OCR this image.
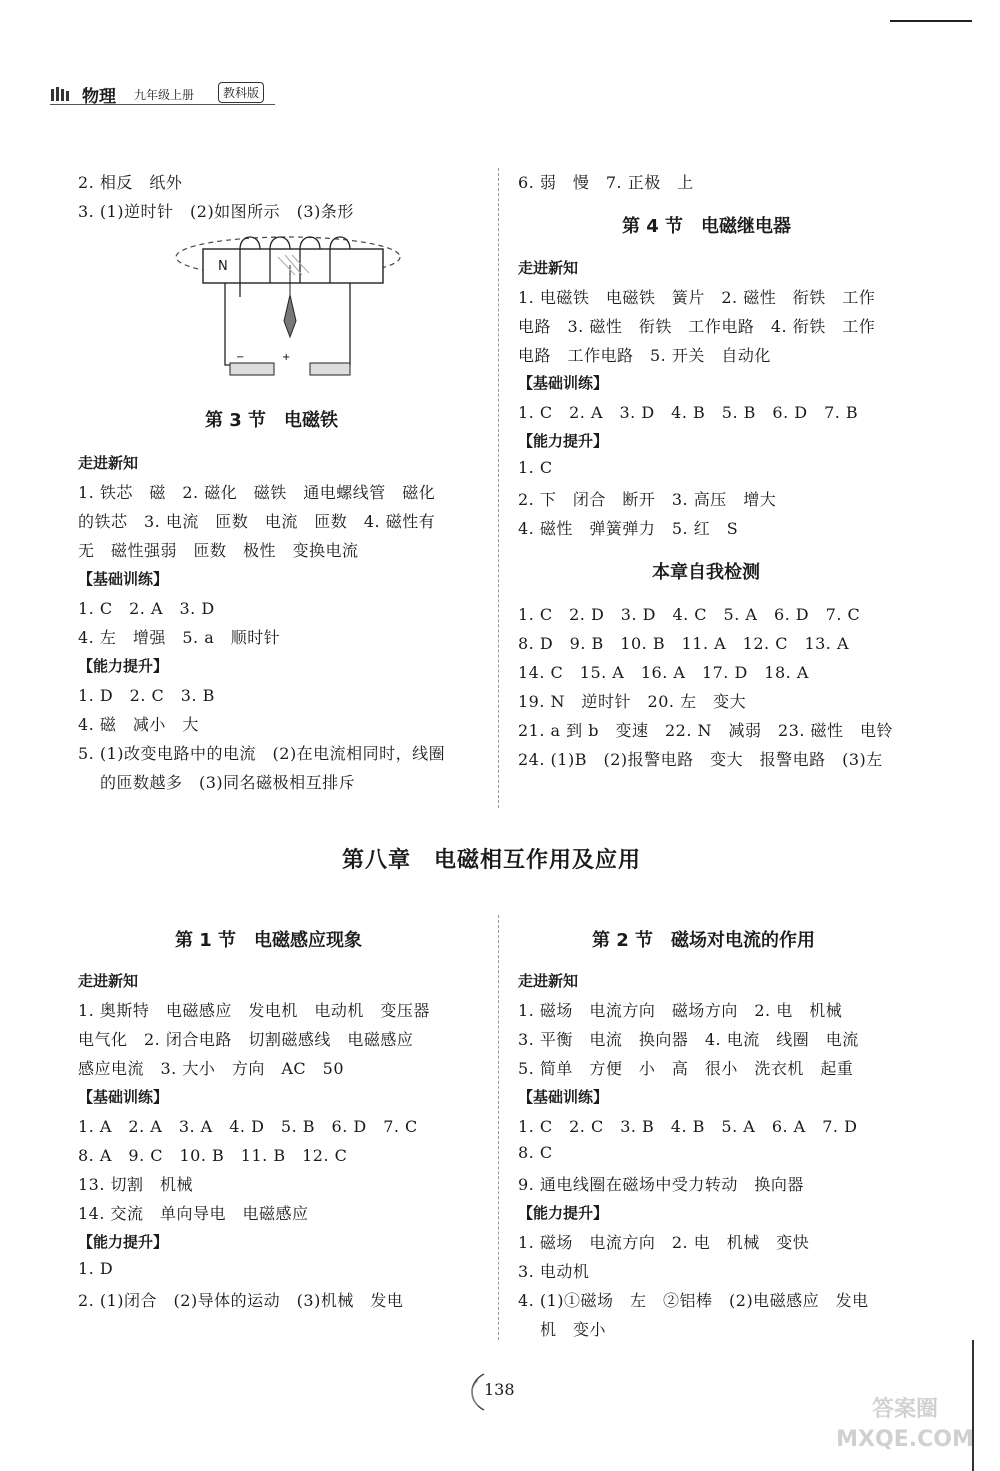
物理 九年级上册	教科版
2. 相反　纸外
3. (1)逆时针　(2)如图所示　(3)条形
−	+
N
第 3 节　电磁铁
走进新知
1. 铁芯　磁　2. 磁化　磁铁　通电螺线管　磁化
的铁芯　3. 电流　匝数　电流　匝数　4. 磁性有
无　磁性强弱　匝数　极性　变换电流
【基础训练】
1. C　2. A　3. D
4. 左　增强　5. a　顺时针
【能力提升】
1. D　2. C　3. B
4. 磁　减小　大
5. (1)改变电路中的电流　(2)在电流相同时，线圈
的匝数越多　(3)同名磁极相互排斥
6. 弱　慢　7. 正极　上
第 4 节　电磁继电器
走进新知
1. 电磁铁　电磁铁　簧片　2. 磁性　衔铁　工作
电路　3. 磁性　衔铁　工作电路　4. 衔铁　工作
电路　工作电路　5. 开关　自动化
【基础训练】
1. C　2. A　3. D　4. B　5. B　6. D　7. B
【能力提升】
1. C
2. 下　闭合　断开　3. 高压　增大
4. 磁性　弹簧弹力　5. 红　S
本章自我检测
1. C　2. D　3. D　4. C　5. A　6. D　7. C
8. D　9. B　10. B　11. A　12. C　13. A
14. C　15. A　16. A　17. D　18. A
19. N　逆时针　20. 左　变大
21. a 到 b　变速　22. N　减弱　23. 磁性　电铃
24. (1)B　(2)报警电路　变大　报警电路　(3)左
第八章　电磁相互作用及应用
第 1 节　电磁感应现象
走进新知
1. 奥斯特　电磁感应　发电机　电动机　变压器
电气化　2. 闭合电路　切割磁感线　电磁感应
感应电流　3. 大小　方向　AC　50
【基础训练】
1. A　2. A　3. A　4. D　5. B　6. D　7. C
8. A　9. C　10. B　11. B　12. C
13. 切割　机械
14. 交流　单向导电　电磁感应
【能力提升】
1. D
2. (1)闭合　(2)导体的运动　(3)机械　发电
第 2 节　磁场对电流的作用
走进新知
1. 磁场　电流方向　磁场方向　2. 电　机械
3. 平衡　电流　换向器　4. 电流　线圈　电流
5. 简单　方便　小　高　很小　洗衣机　起重
【基础训练】
1. C　2. C　3. B　4. B　5. A　6. A　7. D
8. C
9. 通电线圈在磁场中受力转动　换向器
【能力提升】
1. 磁场　电流方向　2. 电　机械　变快
3. 电动机
4. (1)①磁场　左　②铝棒　(2)电磁感应　发电
机　变小
138
答案圈 MXQE.COM
